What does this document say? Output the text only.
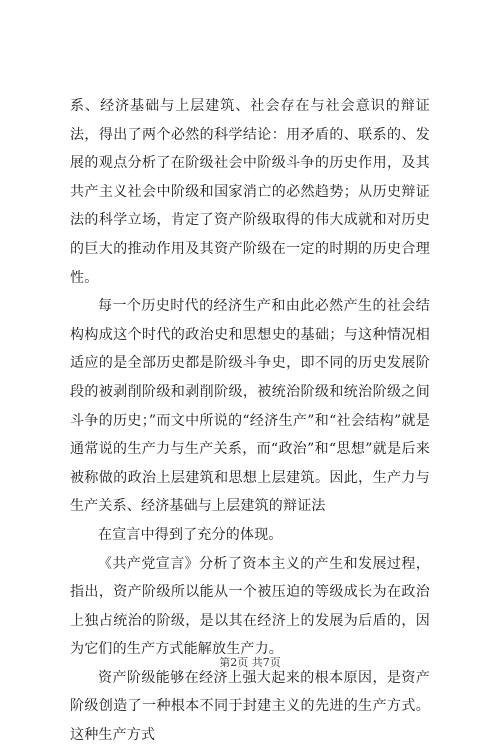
系、经济基础与上层建筑、社会存在与社会意识的辩证法，得出了两个必然的科学结论：用矛盾的、联系的、发展的观点分析了在阶级社会中阶级斗争的历史作用，及其共产主义社会中阶级和国家消亡的必然趋势；从历史辩证法的科学立场，肯定了资产阶级取得的伟大成就和对历史的巨大的推动作用及其资产阶级在一定的时期的历史合理性。

每一个历史时代的经济生产和由此必然产生的社会结构构成这个时代的政治史和思想史的基础；与这种情况相适应的是全部历史都是阶级斗争史，即不同的历史发展阶段的被剥削阶级和剥削阶级，被统治阶级和统治阶级之间斗争的历史；”而文中所说的“经济生产”和“社会结构”就是通常说的生产力与生产关系，而“政治”和“思想”就是后来被称做的政治上层建筑和思想上层建筑。因此，生产力与生产关系、经济基础与上层建筑的辩证法

在宣言中得到了充分的体现。

《共产党宣言》分析了资本主义的产生和发展过程，指出，资产阶级所以能从一个被压迫的等级成长为在政治上独占统治的阶级，是以其在经济上的发展为后盾的，因为它们的生产方式能解放生产力。

资产阶级能够在经济上强大起来的根本原因，是资产阶级创造了一种根本不同于封建主义的先进的生产方式。这种生产方式

第2页 共7页
